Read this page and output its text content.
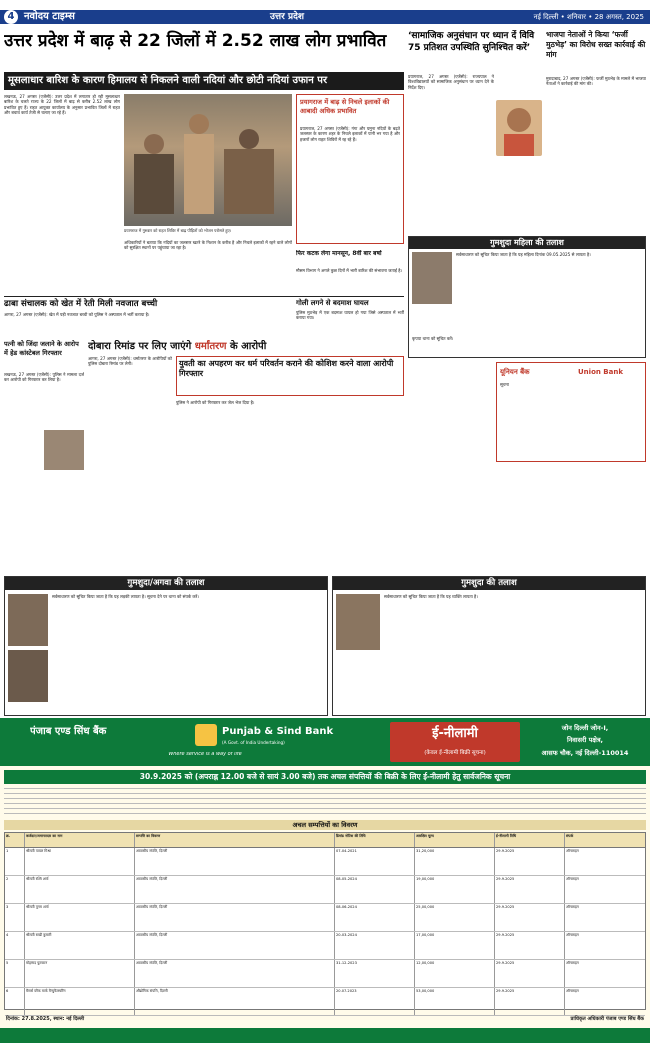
4 नवोदय टाइम्स	उत्तर प्रदेश	नई दिल्ली • शनिवार • 28 अगस्त, 2025
उत्तर प्रदेश में बाढ़ से 22 जिलों में 2.52 लाख लोग प्रभावित
मूसलाधार बारिश के कारण हिमालय से निकलने वाली नदियां और छोटी नदियां उफान पर
लखनऊ, 27 अगस्त (एजेंसी): उत्तर प्रदेश में लगातार हो रही मूसलाधार बारिश के चलते राज्य के 22 जिलों में बाढ़ से करीब 2.52 लाख लोग प्रभावित हुए हैं। राहत आयुक्त कार्यालय के अनुसार प्रभावित जिलों में राहत और बचाव कार्य तेजी से चलाए जा रहे हैं।
प्रयागराज में गुरुवार को राहत शिविर में बाढ़ पीड़ितों को भोजन परोसते हुए।
अधिकारियों ने बताया कि नदियों का जलस्तर खतरे के निशान के करीब है और निचले इलाकों में रहने वाले लोगों को सुरक्षित स्थानों पर पहुंचाया जा रहा है।
प्रयागराज में बाढ़ से निचले इलाकों की आबादी अधिक प्रभावित
प्रयागराज, 27 अगस्त (एजेंसी): गंगा और यमुना नदियों के बढ़ते जलस्तर के कारण शहर के निचले इलाकों में पानी भर गया है और हजारों लोग राहत शिविरों में रह रहे हैं।
फिर कटक लेगा मानसून, 8वीं बार बर्षा
मौसम विभाग ने अगले कुछ दिनों में भारी बारिश की संभावना जताई है।
‘सामाजिक अनुसंधान पर ध्यान दें विवि 75 प्रतिशत उपस्थिति सुनिश्चित करें’
प्रयागराज, 27 अगस्त (एजेंसी): राज्यपाल ने विश्वविद्यालयों को सामाजिक अनुसंधान पर ध्यान देने के निर्देश दिए।
भाजपा नेताओं ने किया ‘फर्जी मुठभेड़’ का विरोध सख्त कार्रवाई की मांग
मुरादाबाद, 27 अगस्त (एजेंसी): फर्जी मुठभेड़ के मामले में भाजपा नेताओं ने कार्रवाई की मांग की।
ढाबा संचालक को खेत में रेती मिली नवजात बच्ची
आगरा, 27 अगस्त (एजेंसी): खेत में पड़ी नवजात बच्ची को पुलिस ने अस्पताल में भर्ती कराया है।
गोली लगने से बदमाश घायल
पुलिस मुठभेड़ में एक बदमाश घायल हो गया जिसे अस्पताल में भर्ती कराया गया।
पत्नी को जिंदा जलाने के आरोप में हेड कांस्टेबल गिरफ्तार
लखनऊ, 27 अगस्त (एजेंसी): पुलिस ने मामला दर्ज कर आरोपी को गिरफ्तार कर लिया है।
दोबारा रिमांड पर लिए जाएंगे धर्मांतरण के आरोपी
आगरा, 27 अगस्त (एजेंसी): धर्मांतरण के आरोपियों को पुलिस दोबारा रिमांड पर लेगी।	युवती का अपहरण कर धर्म परिवर्तन कराने की कोशिश करने वाला आरोपी गिरफ्तार
पुलिस ने आरोपी को गिरफ्तार कर जेल भेज दिया है।
गुमशुदा महिला की तलाश
सर्वसाधारण को सूचित किया जाता है कि यह महिला दिनांक 09.05.2025 से लापता है।
कृपया थाना को सूचित करें।
यूनियन बैंक	Union Bank
सूचना
गुमशुदा/अगवा की तलाश
सर्वसाधारण को सूचित किया जाता है कि यह लड़की लापता है। सूचना देने पर थाना को संपर्क करें।
गुमशुदा की तलाश
सर्वसाधारण को सूचित किया जाता है कि यह व्यक्ति लापता है।
पंजाब एण्ड सिंध बैंक	Punjab & Sind Bank
(A Govt. of India Undertaking)
Where service is a way of life
ई-नीलामी
(केवल ई-नीलामी बिक्री सूचना)
जोन दिल्ली जोन-I,
निवासरी पक्षेत्र,
आसफ चौक, नई दिल्ली-110014
30.9.2025 को (अपराह्न 12.00 बजे से सायं 3.00 बजे) तक अचल संपत्तियों की बिक्री के लिए ई-नीलामी हेतु सार्वजनिक सूचना
अचल सम्पत्तियों का विवरण
क्र.	कर्जदार/जमानतदार का नाम	सम्पत्ति का विवरण	डिमांड नोटिस की तिथि	आरक्षित मूल्य	ई-नीलामी तिथि	संपर्क
1	श्रीमती पायल मिश्रा	आवासीय संपत्ति, दिल्ली	07-04-2021	31,20,000	29.9.2025	ऑनलाइन
2	श्रीमती रश्मि शर्मा	आवासीय संपत्ति, दिल्ली	08-05-2024	19,00,000	29.9.2025	ऑनलाइन
3	श्रीमती पूनम शर्मा	आवासीय संपत्ति, दिल्ली	08-06-2024	25,00,000	29.9.2025	ऑनलाइन
4	श्रीमती राखी कुमारी	आवासीय संपत्ति, दिल्ली	20-03-2024	17,00,000	29.9.2025	ऑनलाइन
5	मोहम्मद फुरकान	आवासीय संपत्ति, दिल्ली	31-12-2023	12,00,000	29.9.2025	ऑनलाइन
6	मैसर्स ब्लैक मार्क मैन्युफैक्चरिंग	औद्योगिक संपत्ति, दिल्ली	20.07.2023	53,00,000	29.9.2025	ऑनलाइन
दिनांक: 27.8.2025, स्थान: नई दिल्ली	प्राधिकृत अधिकारी पंजाब एण्ड सिंध बैंक
